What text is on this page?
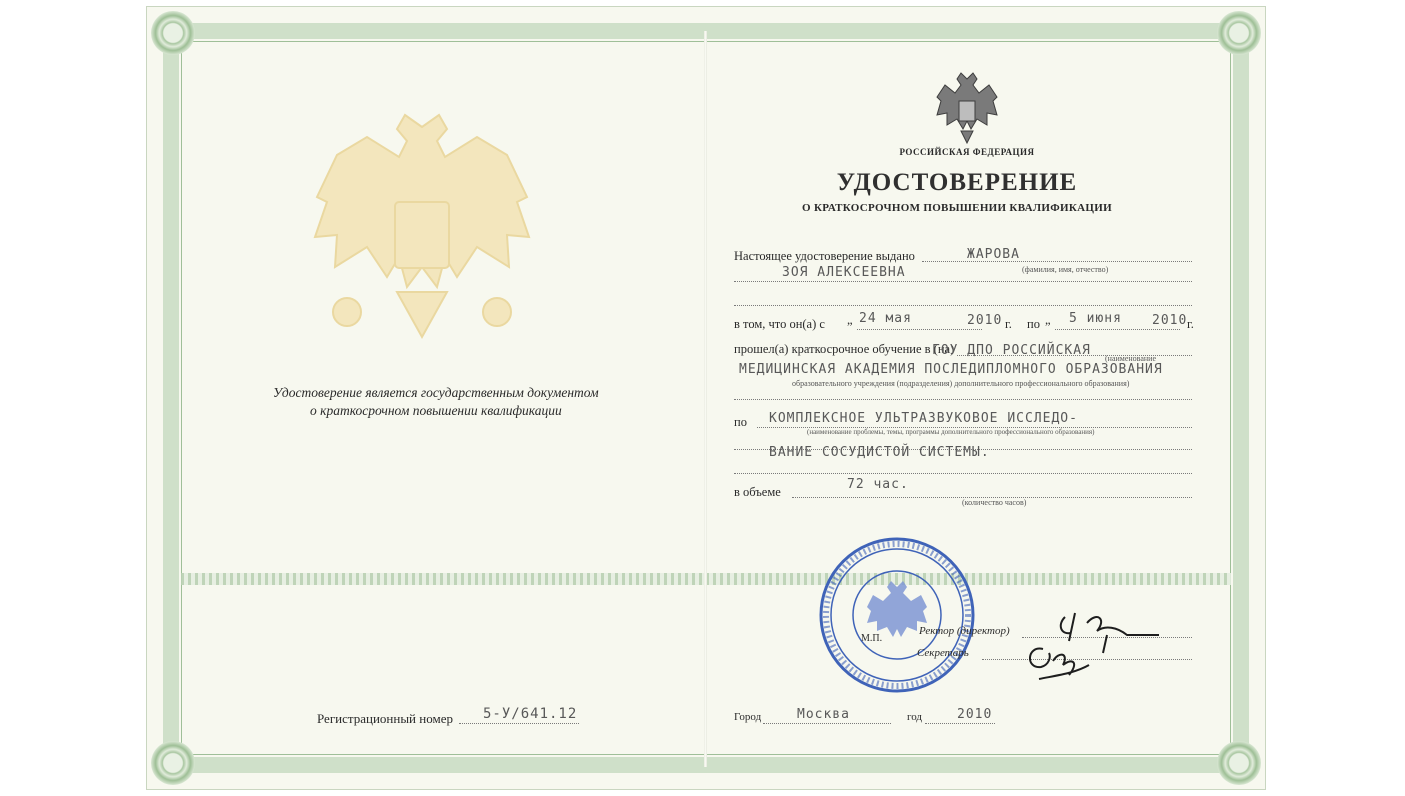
Удостоверение является государственным документом
о краткосрочном повышении квалификации
Регистрационный номер 5-У/641.12
РОССИЙСКАЯ ФЕДЕРАЦИЯ
УДОСТОВЕРЕНИЕ
О КРАТКОСРОЧНОМ ПОВЫШЕНИИ КВАЛИФИКАЦИИ
Настоящее удостоверение выдано	ЖАРОВА
(фамилия, имя, отчество)
ЗОЯ АЛЕКСЕЕВНА
в том, что он(а) с „ 24 мая	2010 г. по „ 5 июня 2010 г.
прошел(а) краткосрочное обучение в (на)
ГОУ ДПО РОССИЙСКАЯ
(наименование
МЕДИЦИНСКАЯ АКАДЕМИЯ ПОСЛЕДИПЛОМНОГО ОБРАЗОВАНИЯ
образовательного учреждения (подразделения) дополнительного профессионального образования)
по КОМПЛЕКСНОЕ УЛЬТРАЗВУКОВОЕ ИССЛЕДО-
(наименование проблемы, темы, программы дополнительного профессионального образования)
ВАНИЕ СОСУДИСТОЙ СИСТЕМЫ.
в объеме	72 час.
(количество часов)
Ректор (директор)
Секретарь
М.П.
Город	Москва	год	2010
